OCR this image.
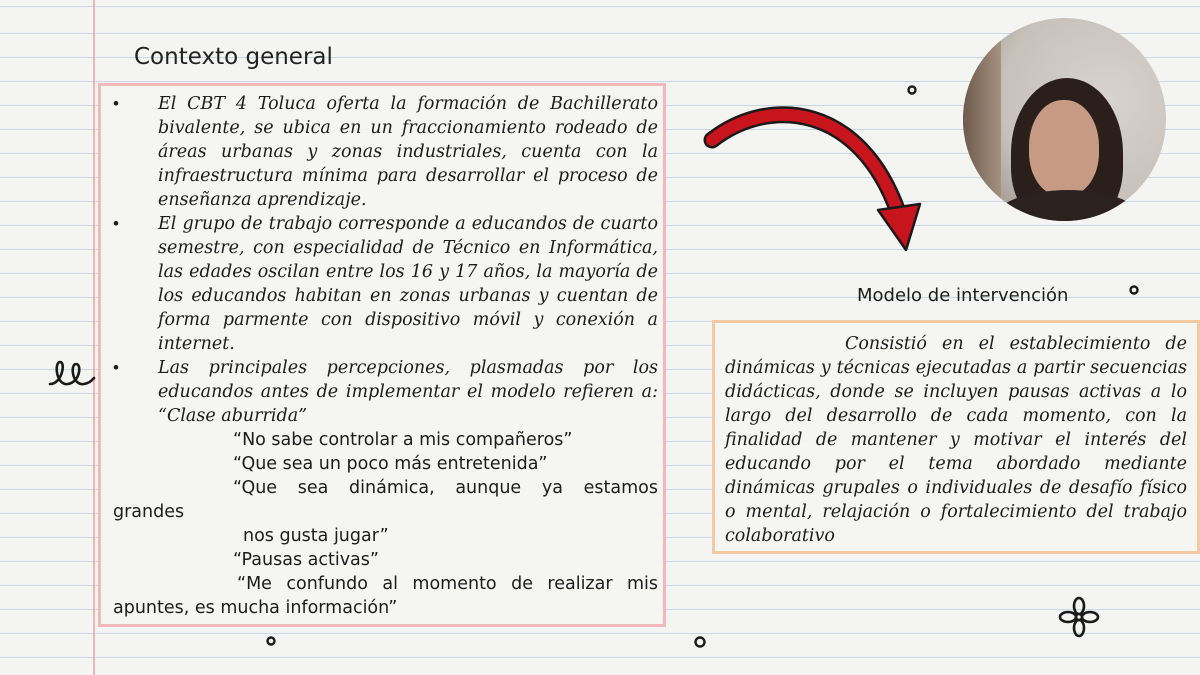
Contexto general
•	El CBT 4 Toluca oferta la formación de Bachillerato bivalente, se ubica en un fraccionamiento rodeado de áreas urbanas y zonas industriales, cuenta con la infraestructura mínima para desarrollar el proceso de enseñanza aprendizaje.
•	El grupo de trabajo corresponde a educandos de cuarto semestre, con especialidad de Técnico en Informática, las edades oscilan entre los 16 y 17 años, la mayoría de los educandos habitan en zonas urbanas y cuentan de forma parmente con dispositivo móvil y conexión a internet.
•	Las principales percepciones, plasmadas por los educandos antes de implementar el modelo refieren a: “Clase aburrida”
“No sabe controlar a mis compañeros”
“Que sea un poco más entretenida”
“Que sea dinámica, aunque ya estamos
grandes
nos gusta jugar”
“Pausas activas”
“Me confundo al momento de realizar mis
apuntes, es mucha información”
Modelo de intervención
Consistió en el establecimiento de dinámicas y técnicas ejecutadas a partir secuencias didácticas, donde se incluyen pausas activas a lo largo del desarrollo de cada momento, con la finalidad de mantener y motivar el interés del educando por el tema abordado mediante dinámicas grupales o individuales de desafío físico o mental, relajación o fortalecimiento del trabajo colaborativo
